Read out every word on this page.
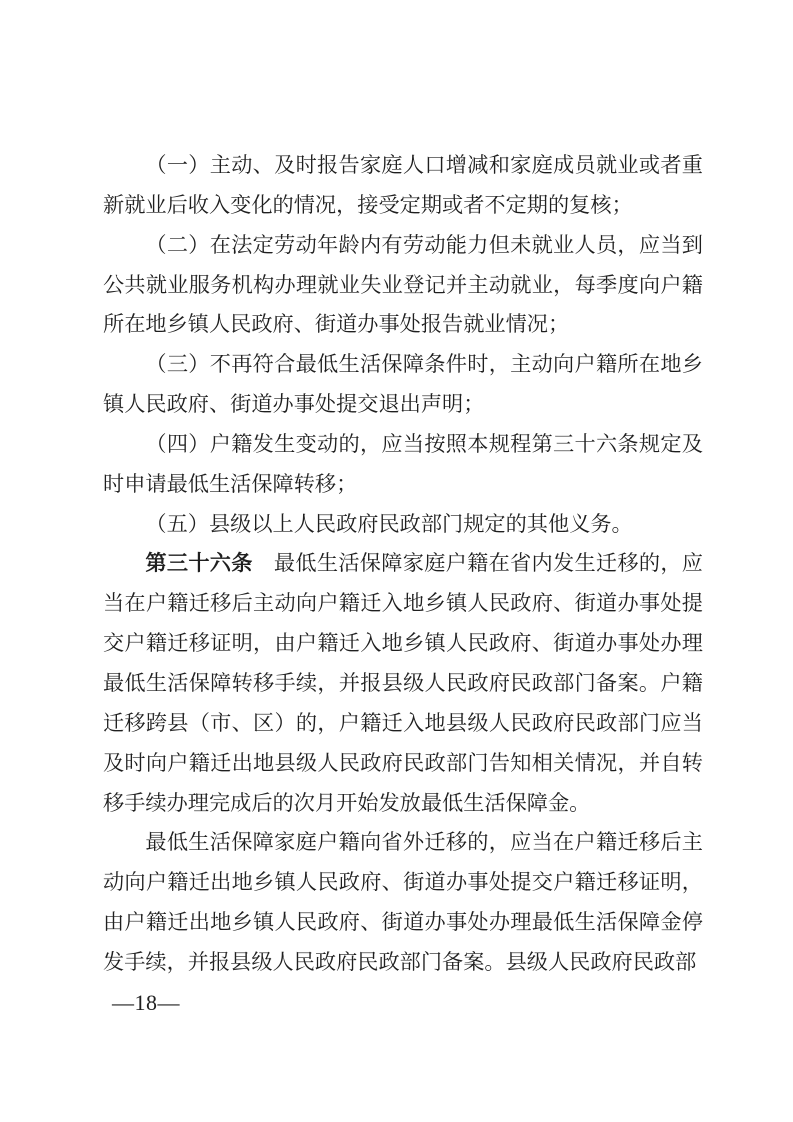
（一）主动、及时报告家庭人口增减和家庭成员就业或者重新就业后收入变化的情况，接受定期或者不定期的复核；

（二）在法定劳动年龄内有劳动能力但未就业人员，应当到公共就业服务机构办理就业失业登记并主动就业，每季度向户籍所在地乡镇人民政府、街道办事处报告就业情况；

（三）不再符合最低生活保障条件时，主动向户籍所在地乡镇人民政府、街道办事处提交退出声明；

（四）户籍发生变动的，应当按照本规程第三十六条规定及时申请最低生活保障转移；

（五）县级以上人民政府民政部门规定的其他义务。

第三十六条 最低生活保障家庭户籍在省内发生迁移的，应当在户籍迁移后主动向户籍迁入地乡镇人民政府、街道办事处提交户籍迁移证明，由户籍迁入地乡镇人民政府、街道办事处办理最低生活保障转移手续，并报县级人民政府民政部门备案。户籍迁移跨县（市、区）的，户籍迁入地县级人民政府民政部门应当及时向户籍迁出地县级人民政府民政部门告知相关情况，并自转移手续办理完成后的次月开始发放最低生活保障金。

最低生活保障家庭户籍向省外迁移的，应当在户籍迁移后主动向户籍迁出地乡镇人民政府、街道办事处提交户籍迁移证明，由户籍迁出地乡镇人民政府、街道办事处办理最低生活保障金停发手续，并报县级人民政府民政部门备案。县级人民政府民政部

—18—
